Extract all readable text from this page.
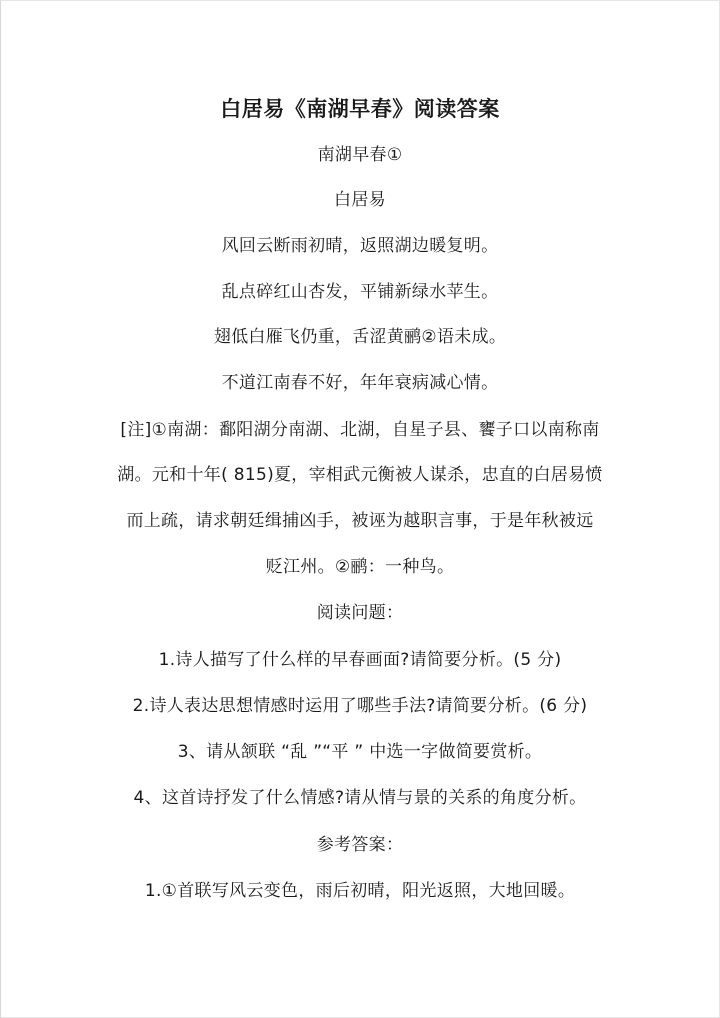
白居易《南湖早春》阅读答案
南湖早春①
白居易
风回云断雨初晴，返照湖边暖复明。
乱点碎红山杏发，平铺新绿水苹生。
翅低白雁飞仍重，舌涩黄鹂②语未成。
不道江南春不好，年年衰病减心情。
[注]①南湖：鄱阳湖分南湖、北湖，自星子县、饔子口以南称南
湖。元和十年( 815)夏，宰相武元衡被人谋杀，忠直的白居易愤
而上疏，请求朝廷缉捕凶手，被诬为越职言事，于是年秋被远
贬江州。②鹂：一种鸟。
阅读问题：
1.诗人描写了什么样的早春画面?请简要分析。(5 分)
2.诗人表达思想情感时运用了哪些手法?请简要分析。(6 分)
3、请从颔联 “乱 ”“平 ” 中选一字做简要赏析。
4、这首诗抒发了什么情感?请从情与景的关系的角度分析。
参考答案：
1.①首联写风云变色，雨后初晴，阳光返照，大地回暖。
